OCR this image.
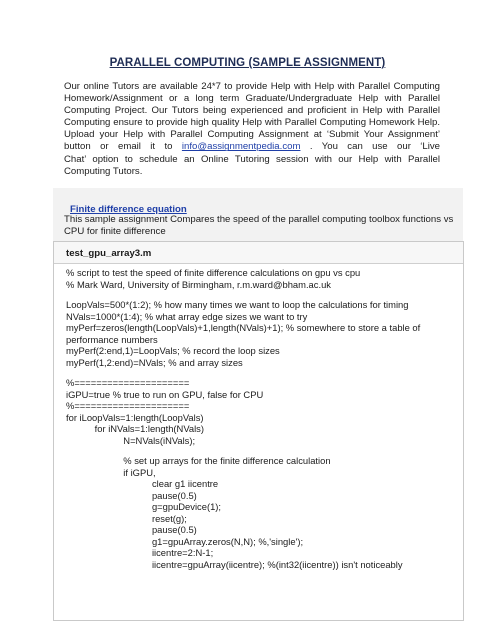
PARALLEL COMPUTING (SAMPLE ASSIGNMENT)
Our online Tutors are available 24*7 to provide Help with Help with Parallel Computing
Homework/Assignment or a long term Graduate/Undergraduate Help with Parallel
Computing Project. Our Tutors being experienced and proficient in Help with Parallel
Computing ensure to provide high quality Help with Parallel Computing Homework Help.
Upload your Help with Parallel Computing Assignment at ‘Submit Your Assignment’
button or email it to info@assignmentpedia.com . You can use our ‘Live
Chat’ option to schedule an Online Tutoring session with our Help with Parallel
Computing Tutors.
Finite difference equation
This sample assignment Compares the speed of the parallel computing toolbox functions vs CPU for finite difference
test_gpu_array3.m
% script to test the speed of finite difference calculations on gpu vs cpu
% Mark Ward, University of Birmingham, r.m.ward@bham.ac.uk
LoopVals=500*(1:2); % how many times we want to loop the calculations for timing
NVals=1000*(1:4); % what array edge sizes we want to try
myPerf=zeros(length(LoopVals)+1,length(NVals)+1); % somewhere to store a table of
performance numbers
myPerf(2:end,1)=LoopVals; % record the loop sizes
myPerf(1,2:end)=NVals; % and array sizes
%=====================
iGPU=true % true to run on GPU, false for CPU
%=====================
for iLoopVals=1:length(LoopVals)
for iNVals=1:length(NVals)
N=NVals(iNVals);
% set up arrays for the finite difference calculation
if iGPU,
clear g1 iicentre
pause(0.5)
g=gpuDevice(1);
reset(g);
pause(0.5)
g1=gpuArray.zeros(N,N); %,'single');
iicentre=2:N-1;
iicentre=gpuArray(iicentre); %(int32(iicentre)) isn't noticeably
